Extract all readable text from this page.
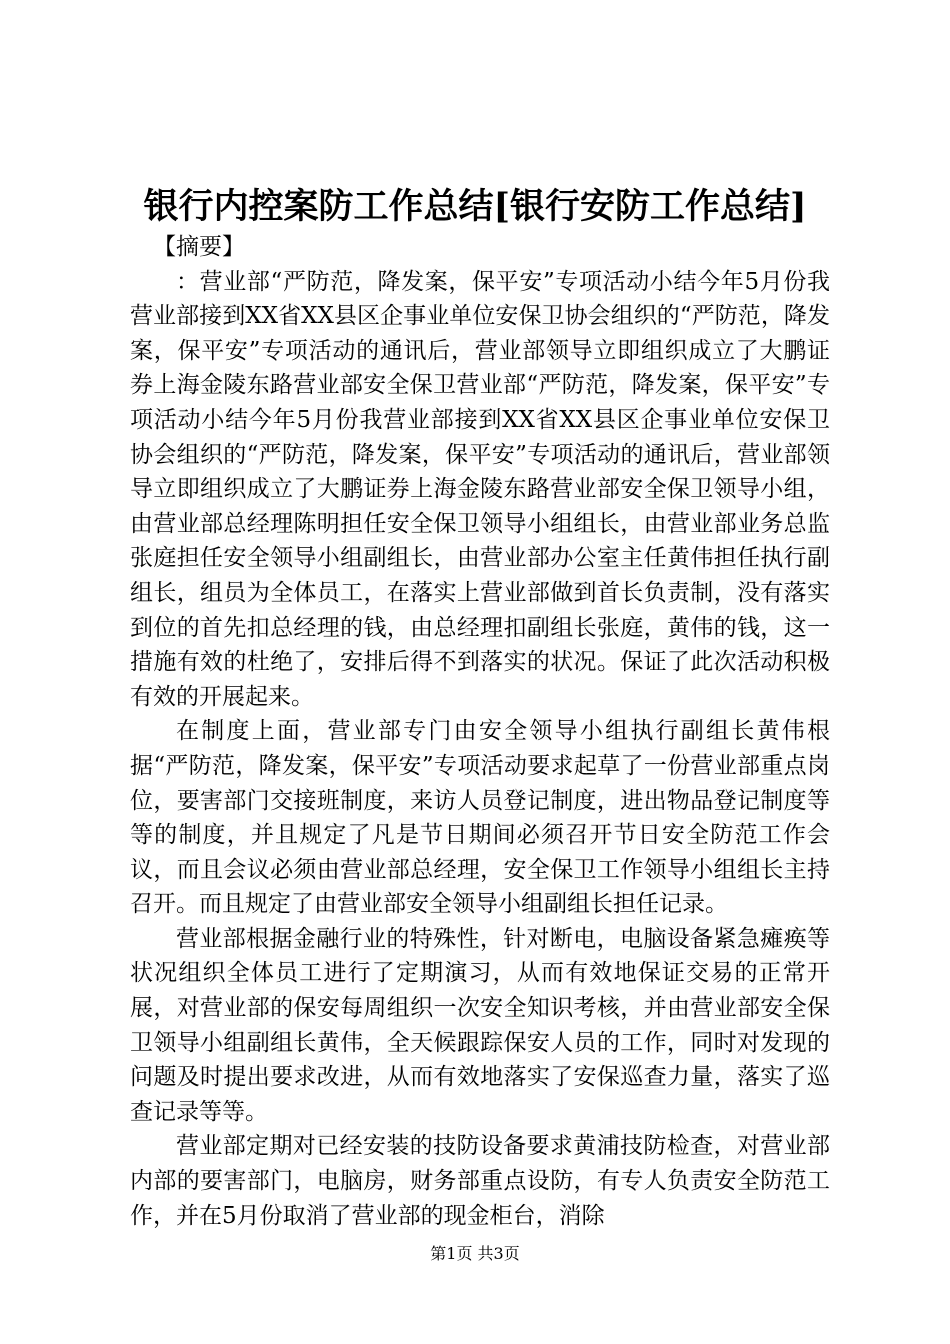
银行内控案防工作总结[银行安防工作总结]

【摘要】

：营业部“严防范，降发案，保平安”专项活动小结今年5月份我营业部接到XX省XX县区企事业单位安保卫协会组织的“严防范，降发案，保平安”专项活动的通讯后，营业部领导立即组织成立了大鹏证券上海金陵东路营业部安全保卫营业部“严防范，降发案，保平安”专项活动小结今年5月份我营业部接到XX省XX县区企事业单位安保卫协会组织的“严防范，降发案，保平安”专项活动的通讯后，营业部领导立即组织成立了大鹏证券上海金陵东路营业部安全保卫领导小组，由营业部总经理陈明担任安全保卫领导小组组长，由营业部业务总监张庭担任安全领导小组副组长，由营业部办公室主任黄伟担任执行副组长，组员为全体员工，在落实上营业部做到首长负责制，没有落实到位的首先扣总经理的钱，由总经理扣副组长张庭，黄伟的钱，这一措施有效的杜绝了，安排后得不到落实的状况。保证了此次活动积极有效的开展起来。

在制度上面，营业部专门由安全领导小组执行副组长黄伟根据“严防范，降发案，保平安”专项活动要求起草了一份营业部重点岗位，要害部门交接班制度，来访人员登记制度，进出物品登记制度等等的制度，并且规定了凡是节日期间必须召开节日安全防范工作会议，而且会议必须由营业部总经理，安全保卫工作领导小组组长主持召开。而且规定了由营业部安全领导小组副组长担任记录。

营业部根据金融行业的特殊性，针对断电，电脑设备紧急瘫痪等状况组织全体员工进行了定期演习，从而有效地保证交易的正常开展，对营业部的保安每周组织一次安全知识考核，并由营业部安全保卫领导小组副组长黄伟，全天候跟踪保安人员的工作，同时对发现的问题及时提出要求改进，从而有效地落实了安保巡查力量，落实了巡查记录等等。

营业部定期对已经安装的技防设备要求黄浦技防检查，对营业部内部的要害部门，电脑房，财务部重点设防，有专人负责安全防范工作，并在5月份取消了营业部的现金柜台，消除

第1页 共3页
